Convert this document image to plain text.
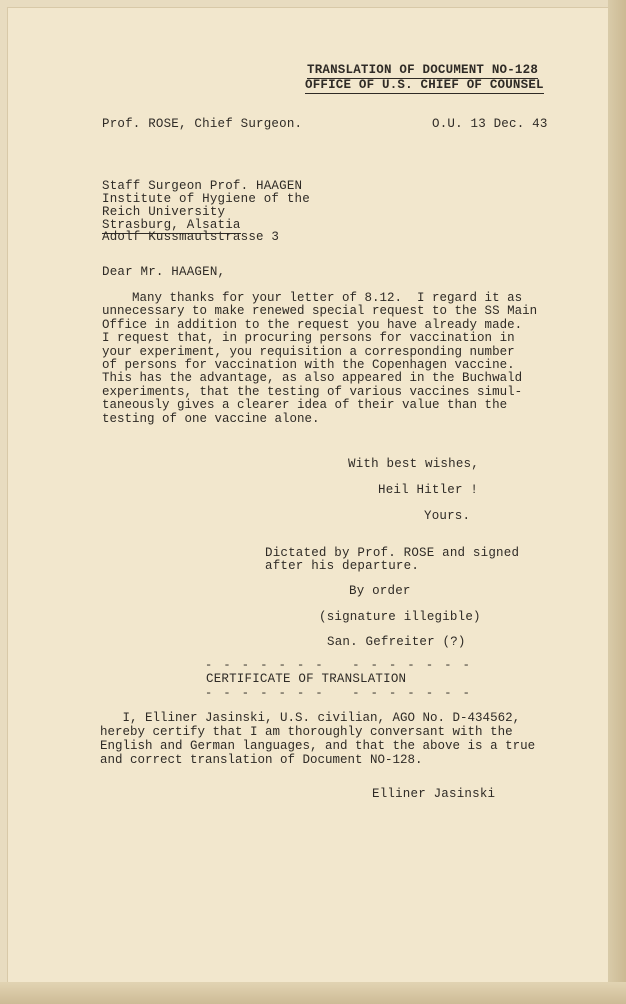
TRANSLATION OF DOCUMENT NO-128
OFFICE OF U.S. CHIEF OF COUNSEL
Prof. ROSE, Chief Surgeon.	O.U. 13 Dec. 43
Staff Surgeon Prof. HAAGEN
Institute of Hygiene of the
Reich University
Strasburg, Alsatia
Adolf Kussmaulstrasse 3
Dear Mr. HAAGEN,
Many thanks for your letter of 8.12.  I regard it as
unnecessary to make renewed special request to the SS Main
Office in addition to the request you have already made.
I request that, in procuring persons for vaccination in
your experiment, you requisition a corresponding number
of persons for vaccination with the Copenhagen vaccine.
This has the advantage, as also appeared in the Buchwald
experiments, that the testing of various vaccines simul-
taneously gives a clearer idea of their value than the
testing of one vaccine alone.
With best wishes,
Heil Hitler !
Yours.
Dictated by Prof. ROSE and signed
after his departure.
By order
(signature illegible)
San. Gefreiter (?)
- - - - - - -   - - - - - - -
CERTIFICATE OF TRANSLATION
- - - - - - -   - - - - - - -
I, Elliner Jasinski, U.S. civilian, AGO No. D-434562,
hereby certify that I am thoroughly conversant with the
English and German languages, and that the above is a true
and correct translation of Document NO-128.
Elliner Jasinski
